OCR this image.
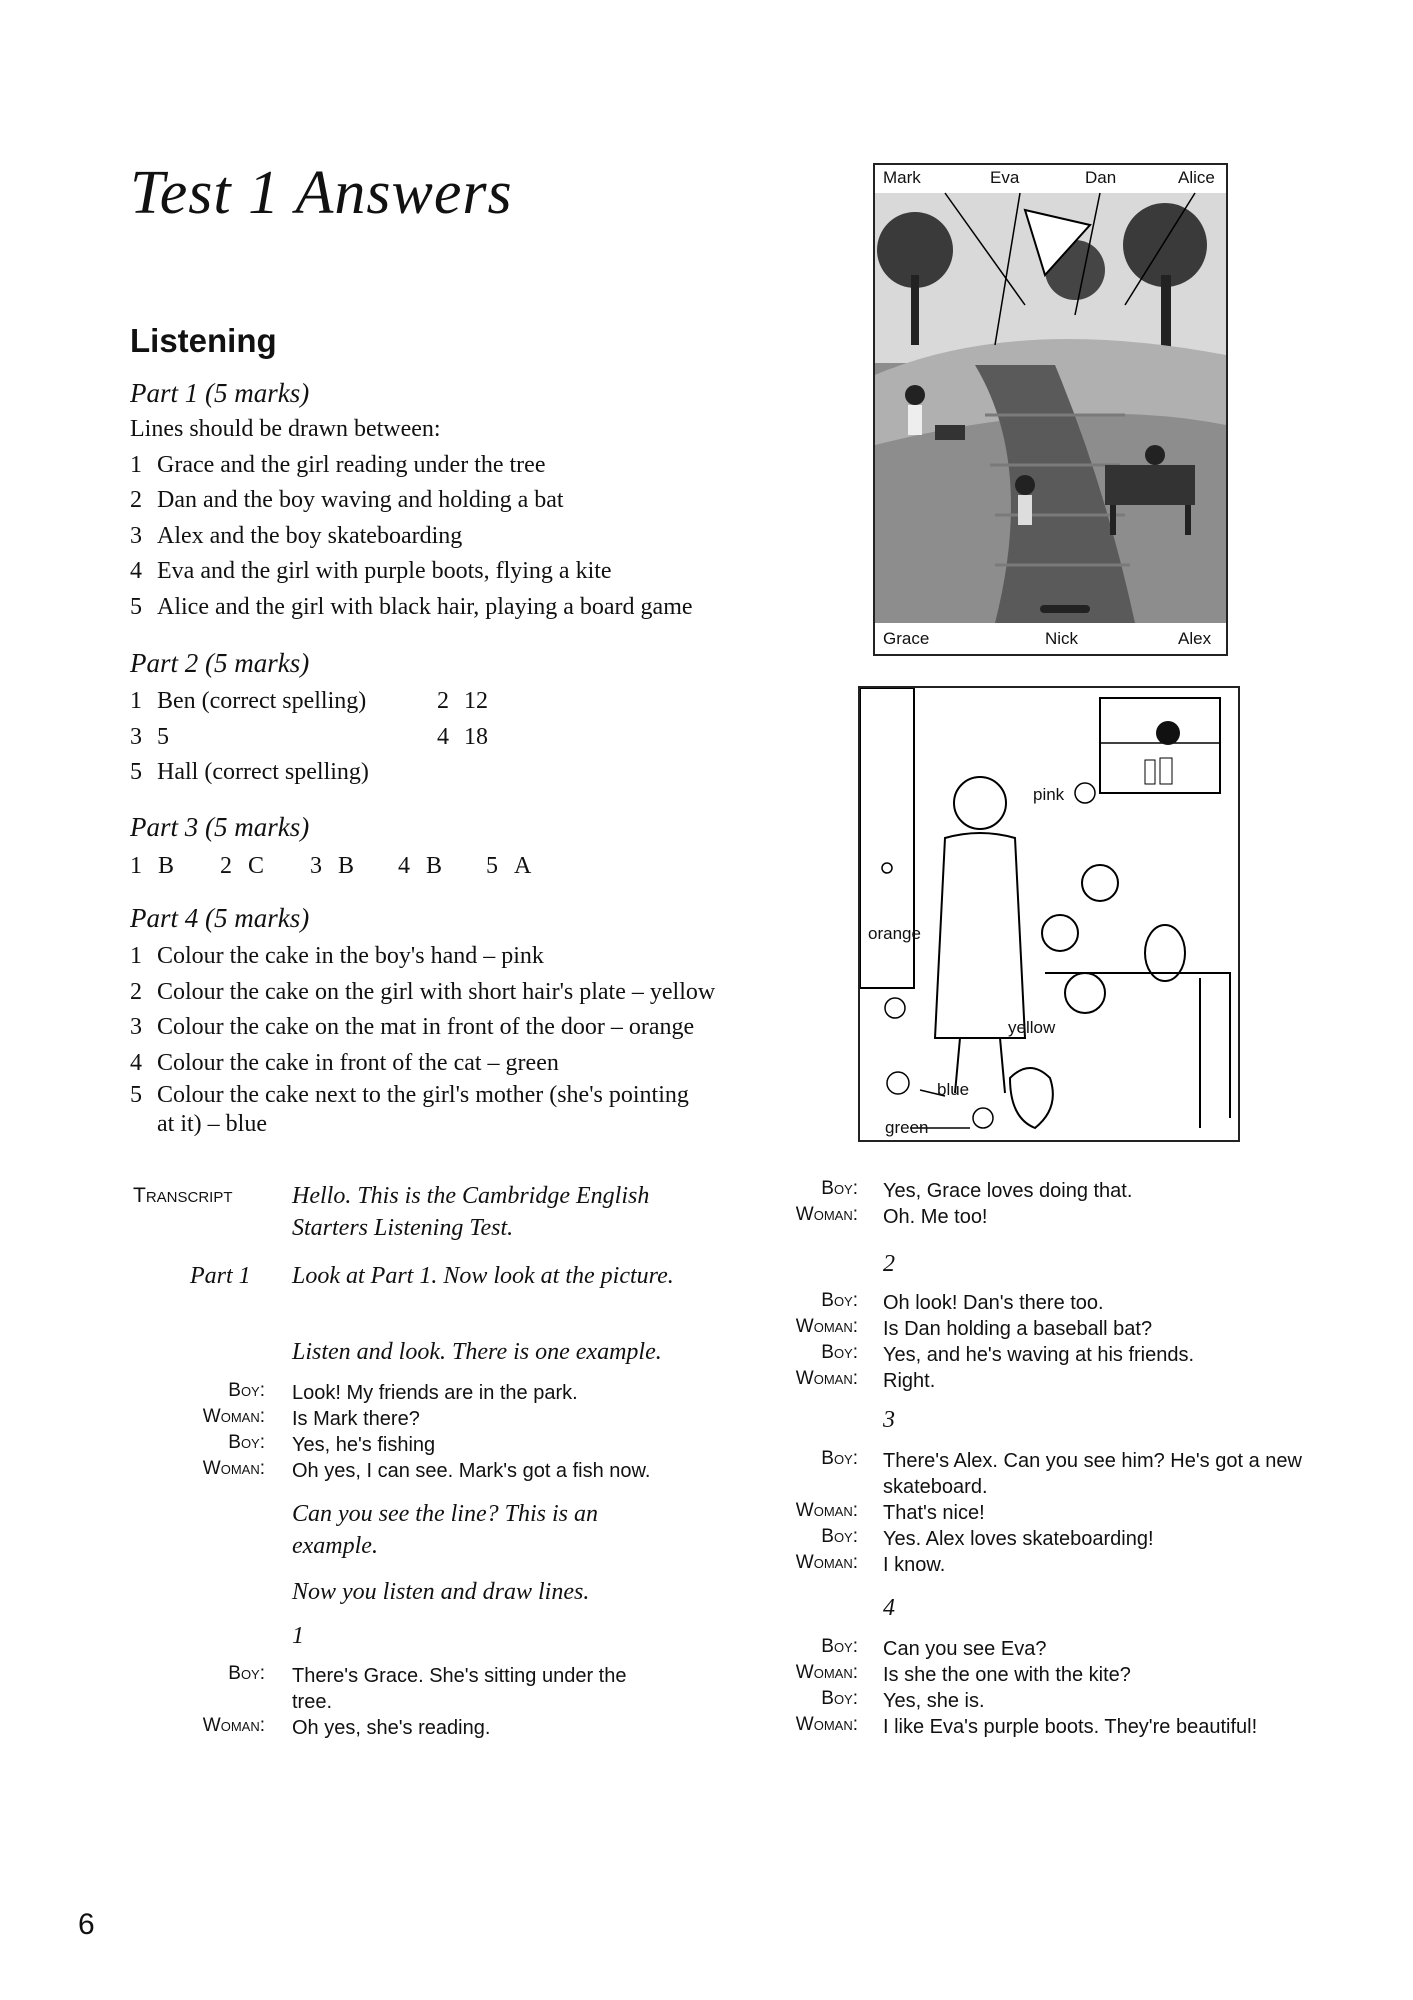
Test 1 Answers
Listening
Part 1 (5 marks)
Lines should be drawn between:
1 Grace and the girl reading under the tree
2 Dan and the boy waving and holding a bat
3 Alex and the boy skateboarding
4 Eva and the girl with purple boots, flying a kite
5 Alice and the girl with black hair, playing a board game
Part 2 (5 marks)
1 Ben (correct spelling)	2 12
3 5	4 18
5 Hall (correct spelling)
Part 3 (5 marks)
1 B 2 C 3 B 4 B 5 A
Part 4 (5 marks)
1 Colour the cake in the boy's hand – pink
2 Colour the cake on the girl with short hair's plate – yellow
3 Colour the cake on the mat in front of the door – orange
4 Colour the cake in front of the cat – green
5 Colour the cake next to the girl's mother (she's pointing
at it) – blue
Mark	Eva	Dan	Alice
Grace	Nick	Alex
pink
orange
yellow
blue
green
Transcript Hello. This is the Cambridge English Starters Listening Test.
Part 1 Look at Part 1. Now look at the picture.
Listen and look. There is one example.
Boy: Look! My friends are in the park.
Woman: Is Mark there?
Boy: Yes, he's fishing
Woman: Oh yes, I can see. Mark's got a fish now.
Can you see the line? This is an example.
Now you listen and draw lines.
1
Boy: There's Grace. She's sitting under the tree.
Woman: Oh yes, she's reading.
Boy: Yes, Grace loves doing that.
Woman: Oh. Me too!
2
Boy: Oh look! Dan's there too.
Woman: Is Dan holding a baseball bat?
Boy: Yes, and he's waving at his friends.
Woman: Right.
3
Boy: There's Alex. Can you see him? He's got a new skateboard.
Woman: That's nice!
Boy: Yes. Alex loves skateboarding!
Woman: I know.
4
Boy: Can you see Eva?
Woman: Is she the one with the kite?
Boy: Yes, she is.
Woman: I like Eva's purple boots. They're beautiful!
6
